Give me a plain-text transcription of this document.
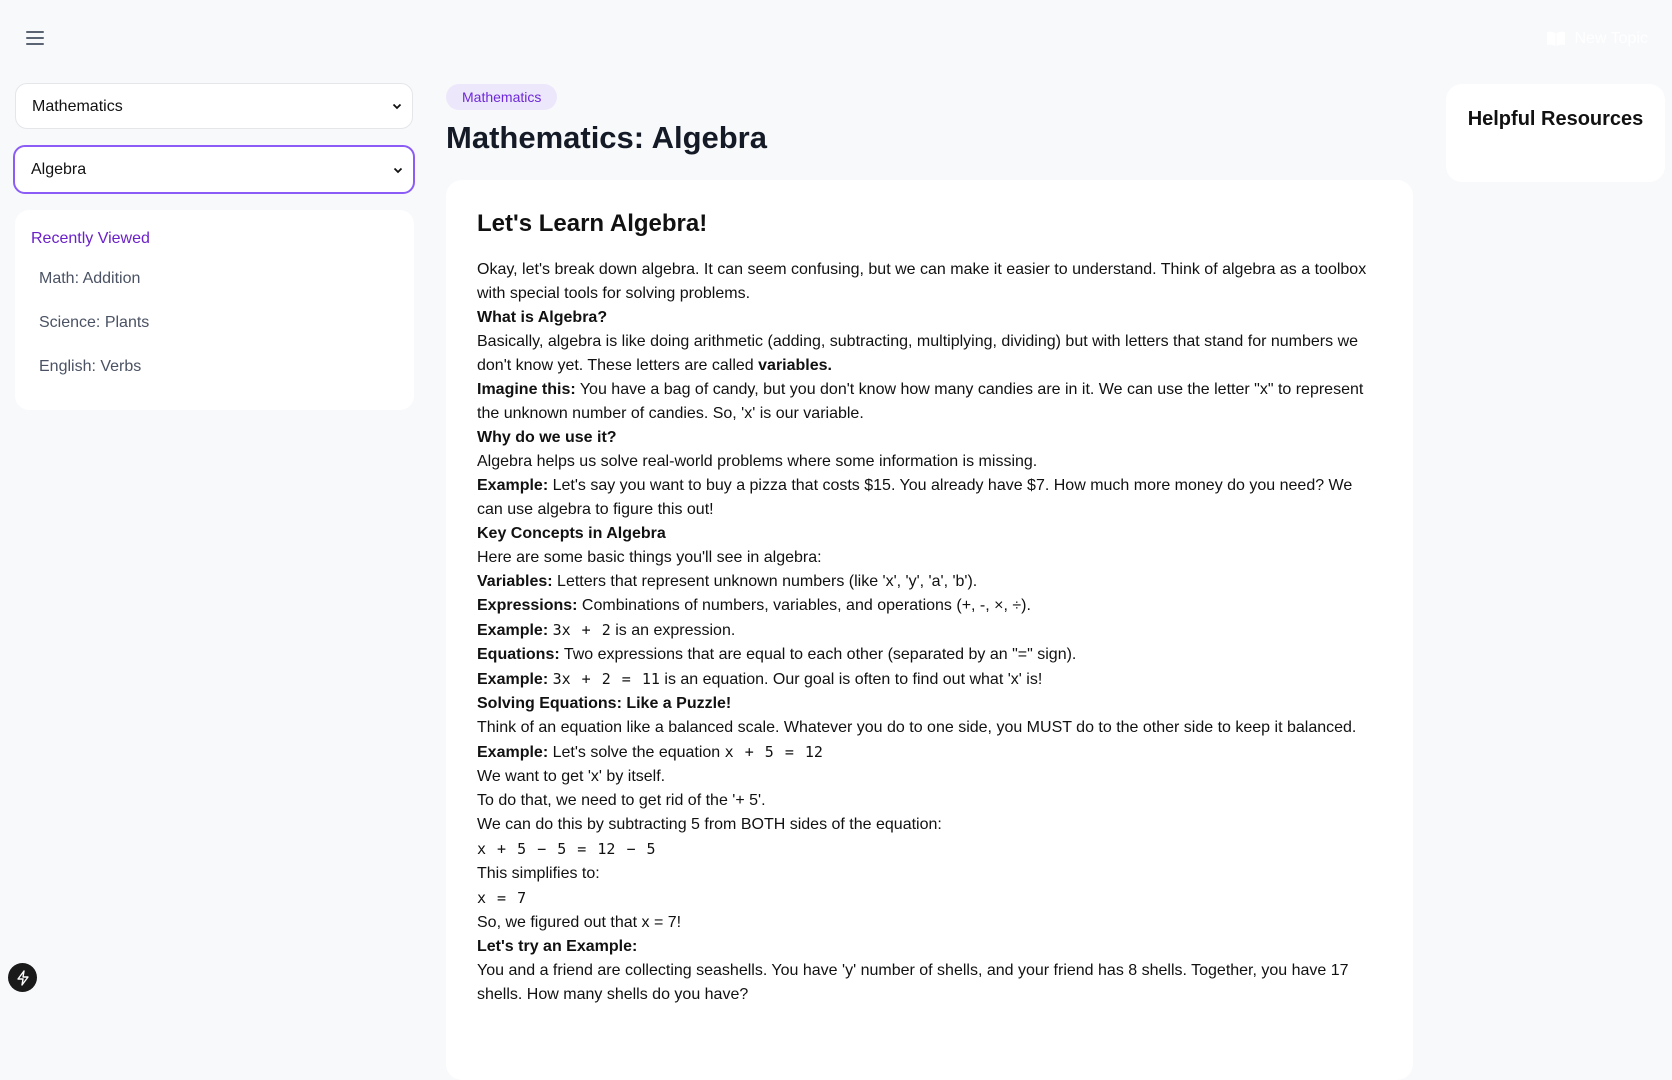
New Topic
Mathematics
Algebra
Recently Viewed
Math: Addition
Science: Plants
English: Verbs
Mathematics
Mathematics: Algebra
Let's Learn Algebra!
Okay, let's break down algebra. It can seem confusing, but we can make it easier to understand. Think of algebra as a toolbox with special tools for solving problems.
What is Algebra?
Basically, algebra is like doing arithmetic (adding, subtracting, multiplying, dividing) but with letters that stand for numbers we don't know yet. These letters are called variables.
Imagine this: You have a bag of candy, but you don't know how many candies are in it. We can use the letter "x" to represent the unknown number of candies. So, 'x' is our variable.
Why do we use it?
Algebra helps us solve real-world problems where some information is missing.
Example: Let's say you want to buy a pizza that costs $15. You already have $7. How much more money do you need? We can use algebra to figure this out!
Key Concepts in Algebra
Here are some basic things you'll see in algebra:
Variables: Letters that represent unknown numbers (like 'x', 'y', 'a', 'b').
Expressions: Combinations of numbers, variables, and operations (+, -, ×, ÷).
Example: 3x + 2 is an expression.
Equations: Two expressions that are equal to each other (separated by an "=" sign).
Example: 3x + 2 = 11 is an equation. Our goal is often to find out what 'x' is!
Solving Equations: Like a Puzzle!
Think of an equation like a balanced scale. Whatever you do to one side, you MUST do to the other side to keep it balanced.
Example: Let's solve the equation x + 5 = 12
We want to get 'x' by itself.
To do that, we need to get rid of the '+ 5'.
We can do this by subtracting 5 from BOTH sides of the equation:
x + 5 − 5 = 12 − 5
This simplifies to:
x = 7
So, we figured out that x = 7!
Let's try an Example:
You and a friend are collecting seashells. You have 'y' number of shells, and your friend has 8 shells. Together, you have 17 shells. How many shells do you have?
Helpful Resources
